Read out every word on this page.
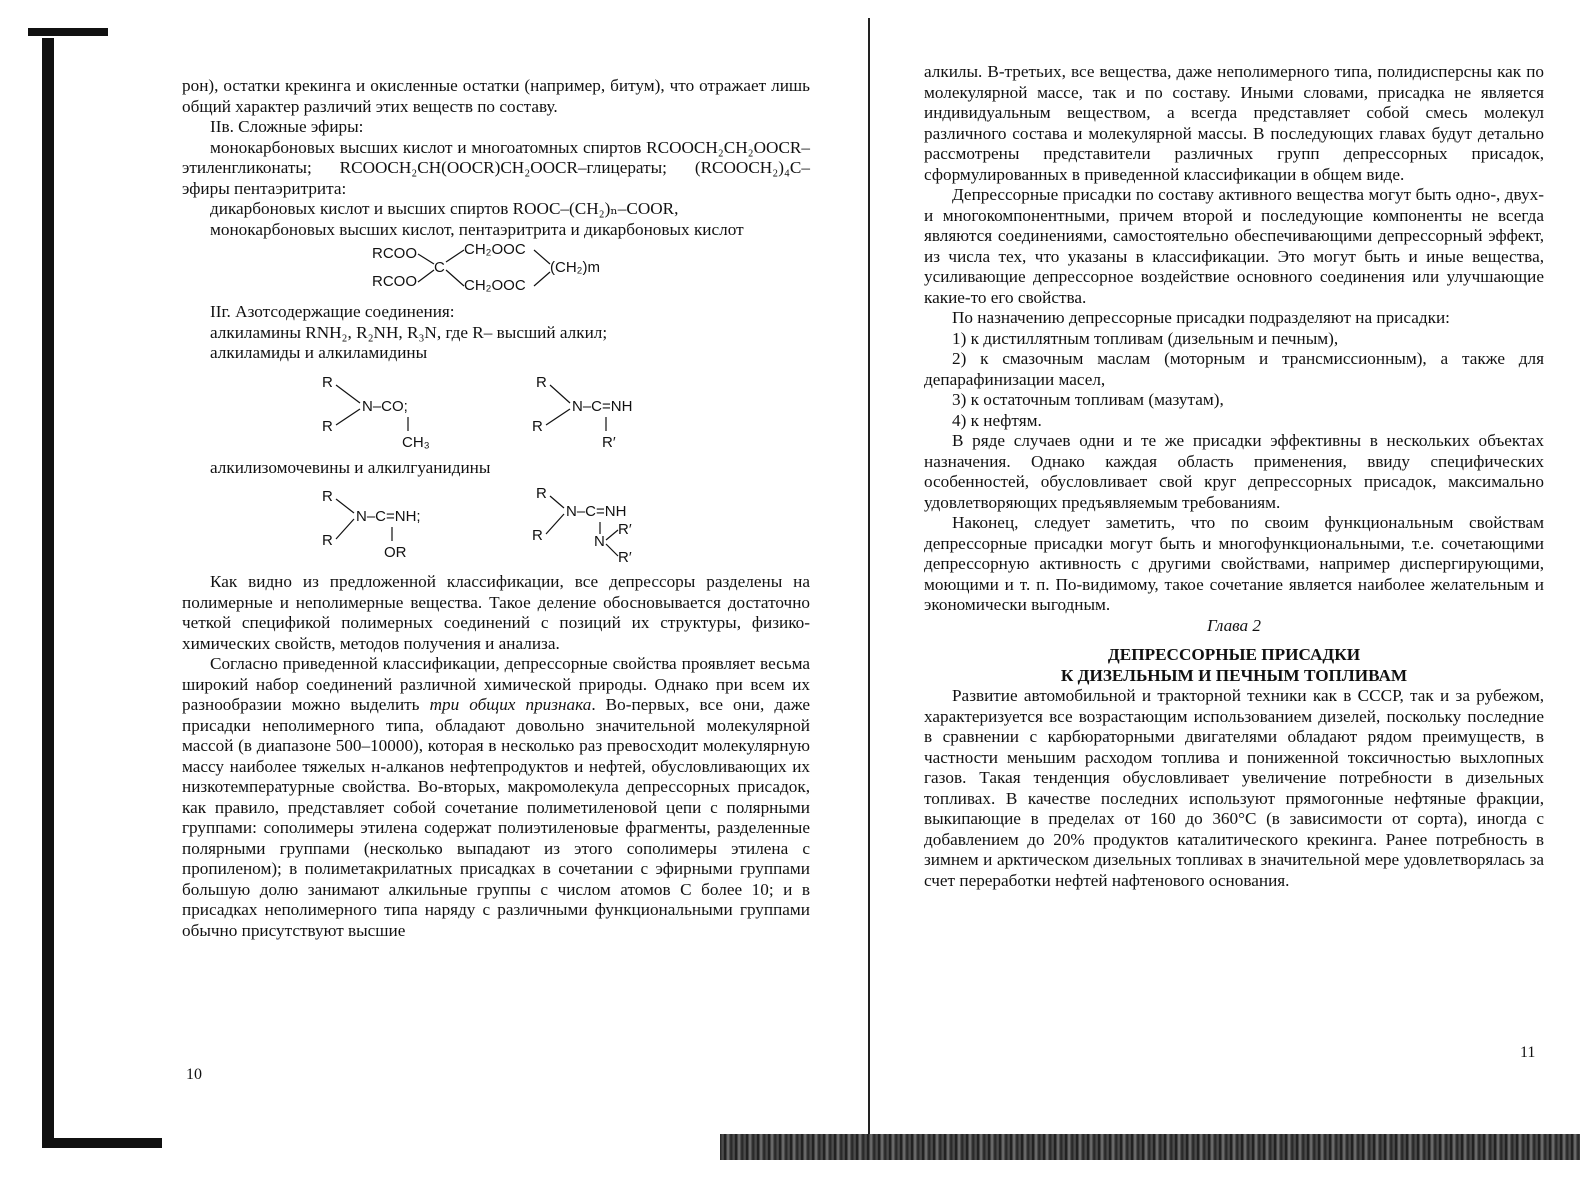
рон), остатки крекинга и окисленные остатки (например, битум), что отражает лишь общий характер различий этих веществ по составу.

IIв. Сложные эфиры:

монокарбоновых высших кислот и многоатомных спиртов RCOOCH₂CH₂OOCR–этиленгликонаты; RCOOCH₂CH(OOCR)CH₂OOCR–глицераты; (RCOOCH₂)₄C–эфиры пентаэритрита:

дикарбоновых кислот и высших спиртов ROOC–(CH₂)ₙ–COOR,

монокарбоновых высших кислот, пентаэритрита и дикарбоновых кислот

RCOO
RCOO
C
CH₂OOC
CH₂OOC
(CH₂)m

IIг. Азотсодержащие соединения:

алкиламины RNH₂, R₂NH, R₃N, где R– высший алкил;

алкиламиды и алкиламидины

R
R
N–CO;
CH₃
R
R
N–C=NH
R′

алкилизомочевины и алкилгуанидины

R
R
N–C=NH;
OR
R
R
N–C=NH
N
R′
R′

Как видно из предложенной классификации, все депрессоры разделены на полимерные и неполимерные вещества. Такое деление обосновывается достаточно четкой спецификой полимерных соединений с позиций их структуры, физико-химических свойств, методов получения и анализа.

Согласно приведенной классификации, депрессорные свойства проявляет весьма широкий набор соединений различной химической природы. Однако при всем их разнообразии можно выделить три общих признака. Во-первых, все они, даже присадки неполимерного типа, обладают довольно значительной молекулярной массой (в диапазоне 500–10000), которая в несколько раз превосходит молекулярную массу наиболее тяжелых н-алканов нефтепродуктов и нефтей, обусловливающих их низкотемпературные свойства. Во-вторых, макромолекула депрессорных присадок, как правило, представляет собой сочетание полиметиленовой цепи с полярными группами: сополимеры этилена содержат полиэтиленовые фрагменты, разделенные полярными группами (несколько выпадают из этого сополимеры этилена с пропиленом); в полиметакрилатных присадках в сочетании с эфирными группами большую долю занимают алкильные группы с числом атомов С более 10; и в присадках неполимерного типа наряду с различными функциональными группами обычно присутствуют высшие

10

алкилы. В-третьих, все вещества, даже неполимерного типа, полидисперсны как по молекулярной массе, так и по составу. Иными словами, присадка не является индивидуальным веществом, а всегда представляет собой смесь молекул различного состава и молекулярной массы. В последующих главах будут детально рассмотрены представители различных групп депрессорных присадок, сформулированных в приведенной классификации в общем виде.

Депрессорные присадки по составу активного вещества могут быть одно-, двух- и многокомпонентными, причем второй и последующие компоненты не всегда являются соединениями, самостоятельно обеспечивающими депрессорный эффект, из числа тех, что указаны в классификации. Это могут быть и иные вещества, усиливающие депрессорное воздействие основного соединения или улучшающие какие-то его свойства.

По назначению депрессорные присадки подразделяют на присадки:

1) к дистиллятным топливам (дизельным и печным),

2) к смазочным маслам (моторным и трансмиссионным), а также для депарафинизации масел,

3) к остаточным топливам (мазутам),

4) к нефтям.

В ряде случаев одни и те же присадки эффективны в нескольких объектах назначения. Однако каждая область применения, ввиду специфических особенностей, обусловливает свой круг депрессорных присадок, максимально удовлетворяющих предъявляемым требованиям.

Наконец, следует заметить, что по своим функциональным свойствам депрессорные присадки могут быть и многофункциональными, т.е. сочетающими депрессорную активность с другими свойствами, например диспергирующими, моющими и т. п. По-видимому, такое сочетание является наиболее желательным и экономически выгодным.

Глава 2

ДЕПРЕССОРНЫЕ ПРИСАДКИ
К ДИЗЕЛЬНЫМ И ПЕЧНЫМ ТОПЛИВАМ

Развитие автомобильной и тракторной техники как в СССР, так и за рубежом, характеризуется все возрастающим использованием дизелей, поскольку последние в сравнении с карбюраторными двигателями обладают рядом преимуществ, в частности меньшим расходом топлива и пониженной токсичностью выхлопных газов. Такая тенденция обусловливает увеличение потребности в дизельных топливах. В качестве последних используют прямогонные нефтяные фракции, выкипающие в пределах от 160 до 360°С (в зависимости от сорта), иногда с добавлением до 20% продуктов каталитического крекинга. Ранее потребность в зимнем и арктическом дизельных топливах в значительной мере удовлетворялась за счет переработки нефтей нафтенового основания.

11
